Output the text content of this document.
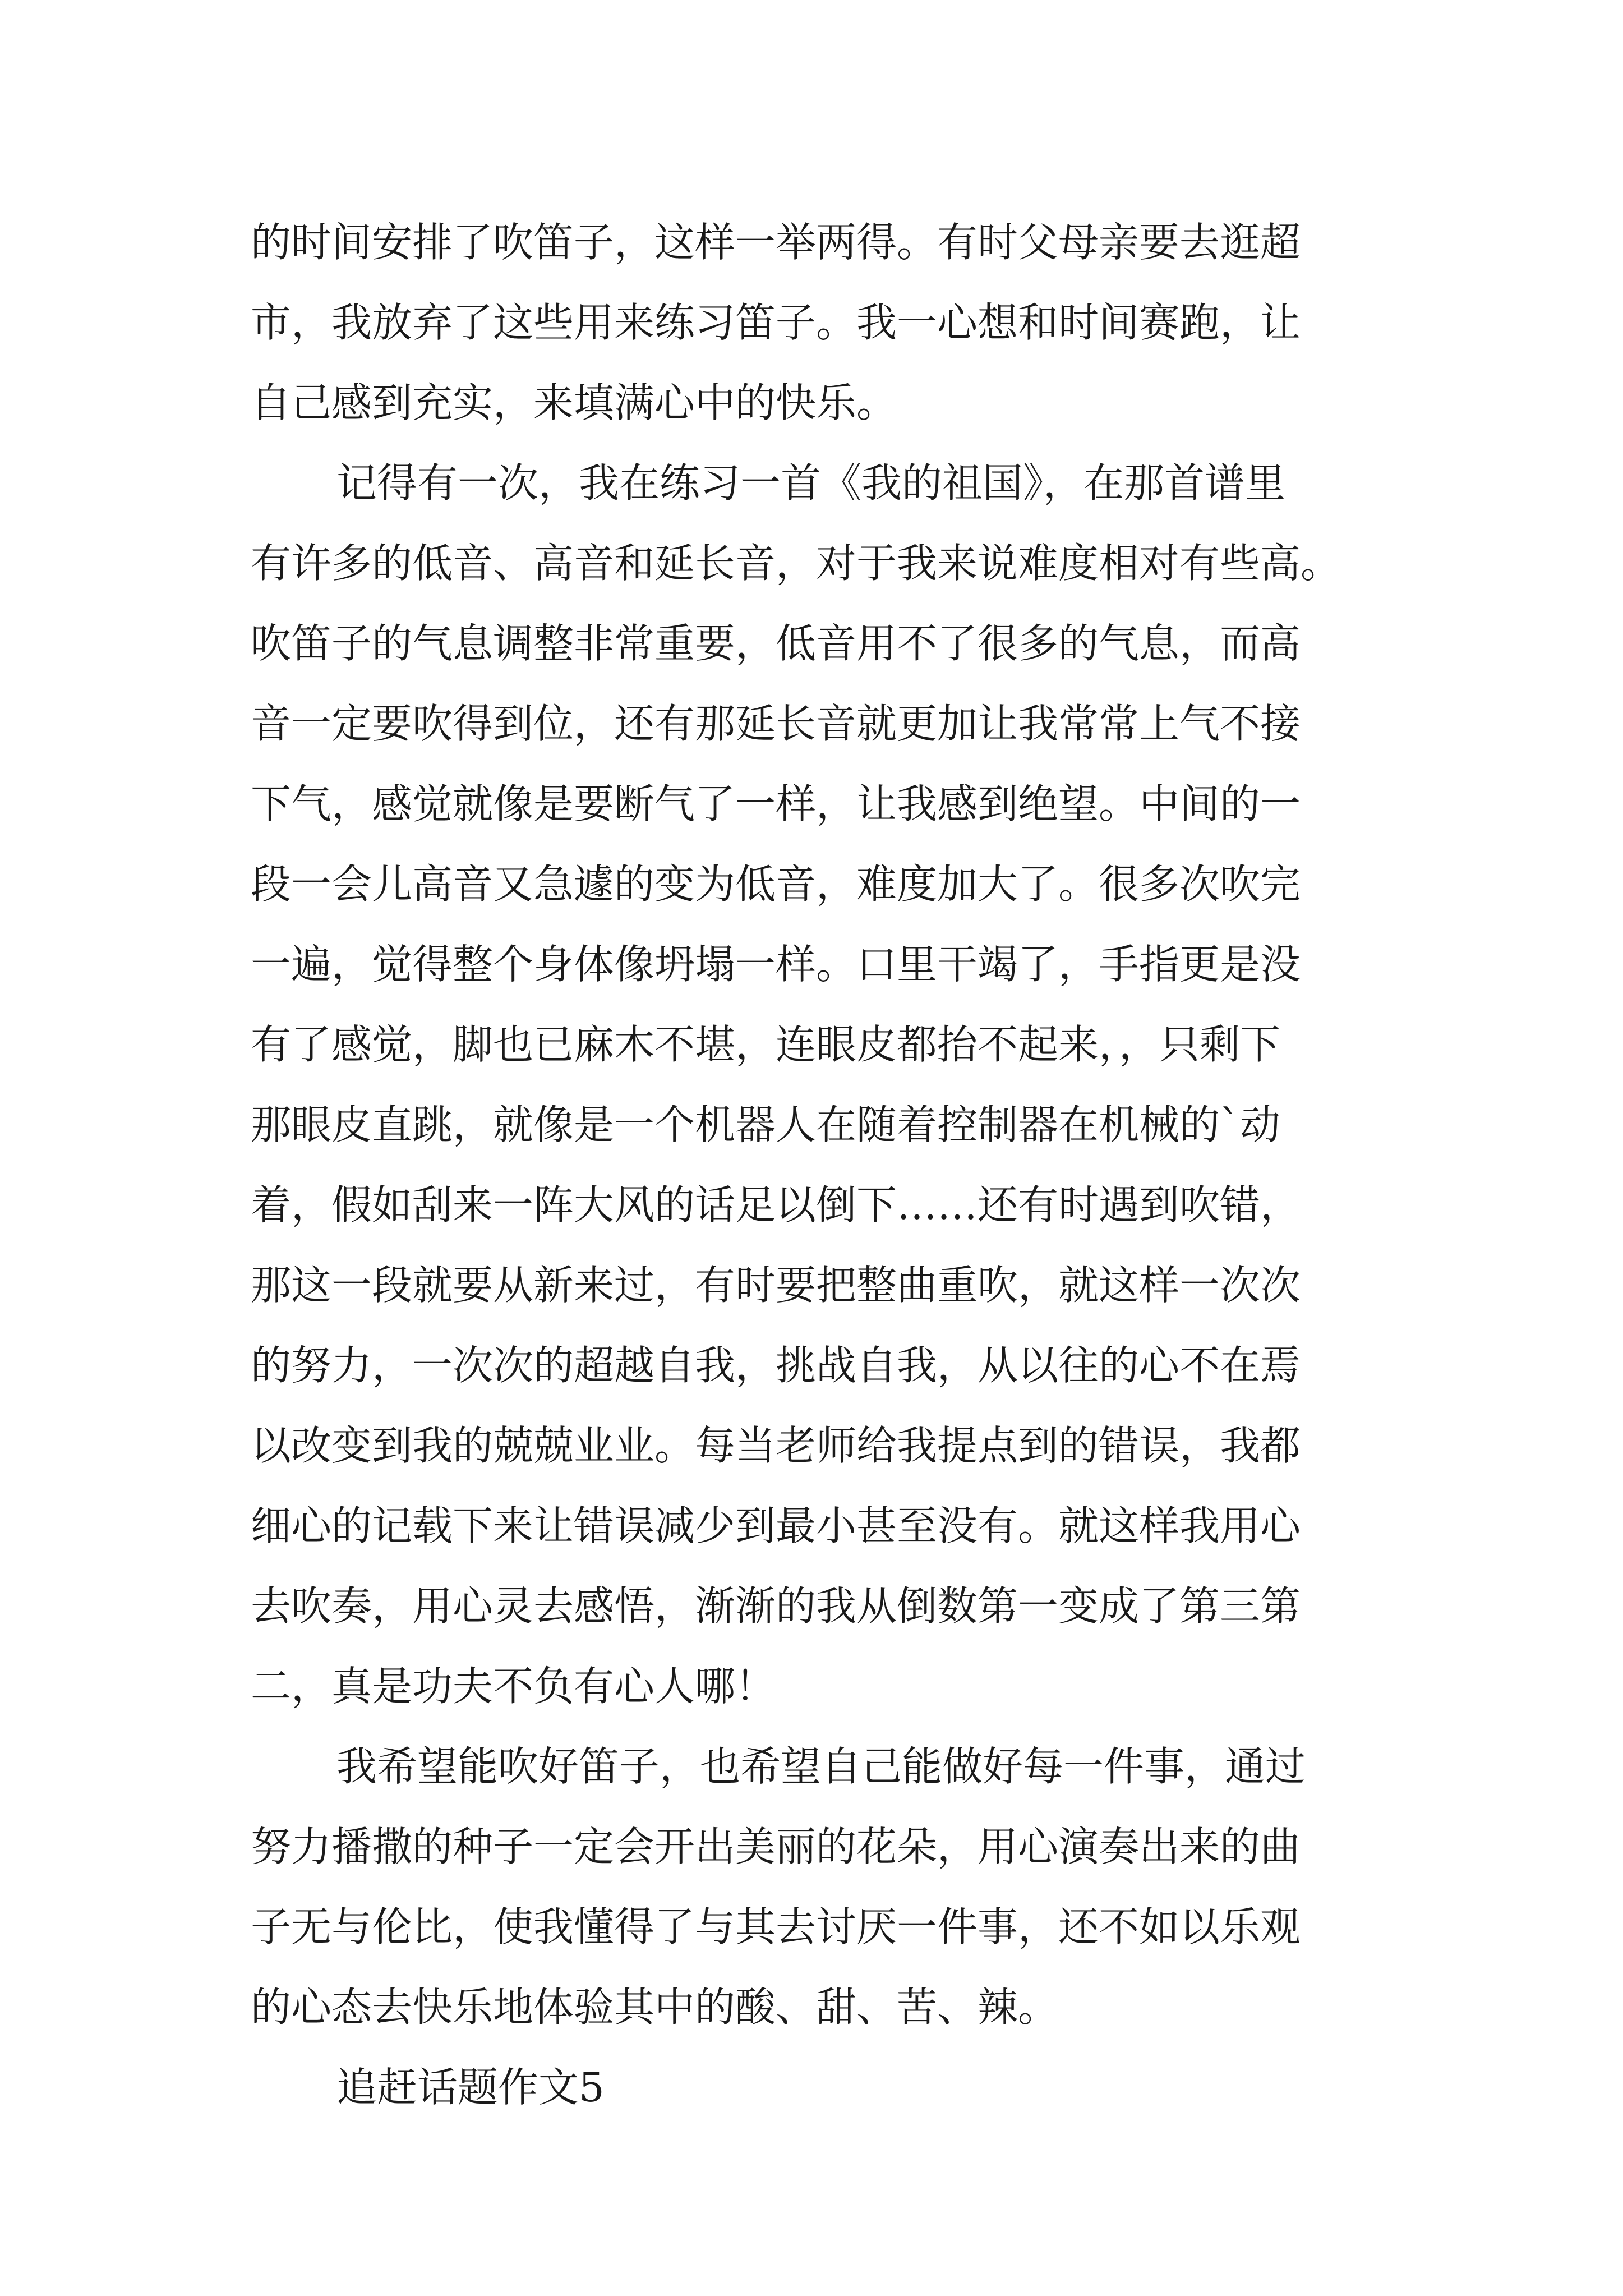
的时间安排了吹笛子，这样一举两得。有时父母亲要去逛超

市，我放弃了这些用来练习笛子。我一心想和时间赛跑，让

自己感到充实，来填满心中的快乐。

记得有一次，我在练习一首《我的祖国》，在那首谱里

有许多的低音、高音和延长音，对于我来说难度相对有些高。

吹笛子的气息调整非常重要，低音用不了很多的气息，而高

音一定要吹得到位，还有那延长音就更加让我常常上气不接

下气，感觉就像是要断气了一样，让我感到绝望。中间的一

段一会儿高音又急遽的变为低音，难度加大了。很多次吹完

一遍，觉得整个身体像坍塌一样。口里干竭了，手指更是没

有了感觉，脚也已麻木不堪，连眼皮都抬不起来，，只剩下

那眼皮直跳，就像是一个机器人在随着控制器在机械的`动

着，假如刮来一阵大风的话足以倒下……还有时遇到吹错，

那这一段就要从新来过，有时要把整曲重吹，就这样一次次

的努力，一次次的超越自我，挑战自我，从以往的心不在焉

以改变到我的兢兢业业。每当老师给我提点到的错误，我都

细心的记载下来让错误减少到最小甚至没有。就这样我用心

去吹奏，用心灵去感悟，渐渐的我从倒数第一变成了第三第

二，真是功夫不负有心人哪！

我希望能吹好笛子，也希望自己能做好每一件事，通过

努力播撒的种子一定会开出美丽的花朵，用心演奏出来的曲

子无与伦比，使我懂得了与其去讨厌一件事，还不如以乐观

的心态去快乐地体验其中的酸、甜、苦、辣。

追赶话题作文5
